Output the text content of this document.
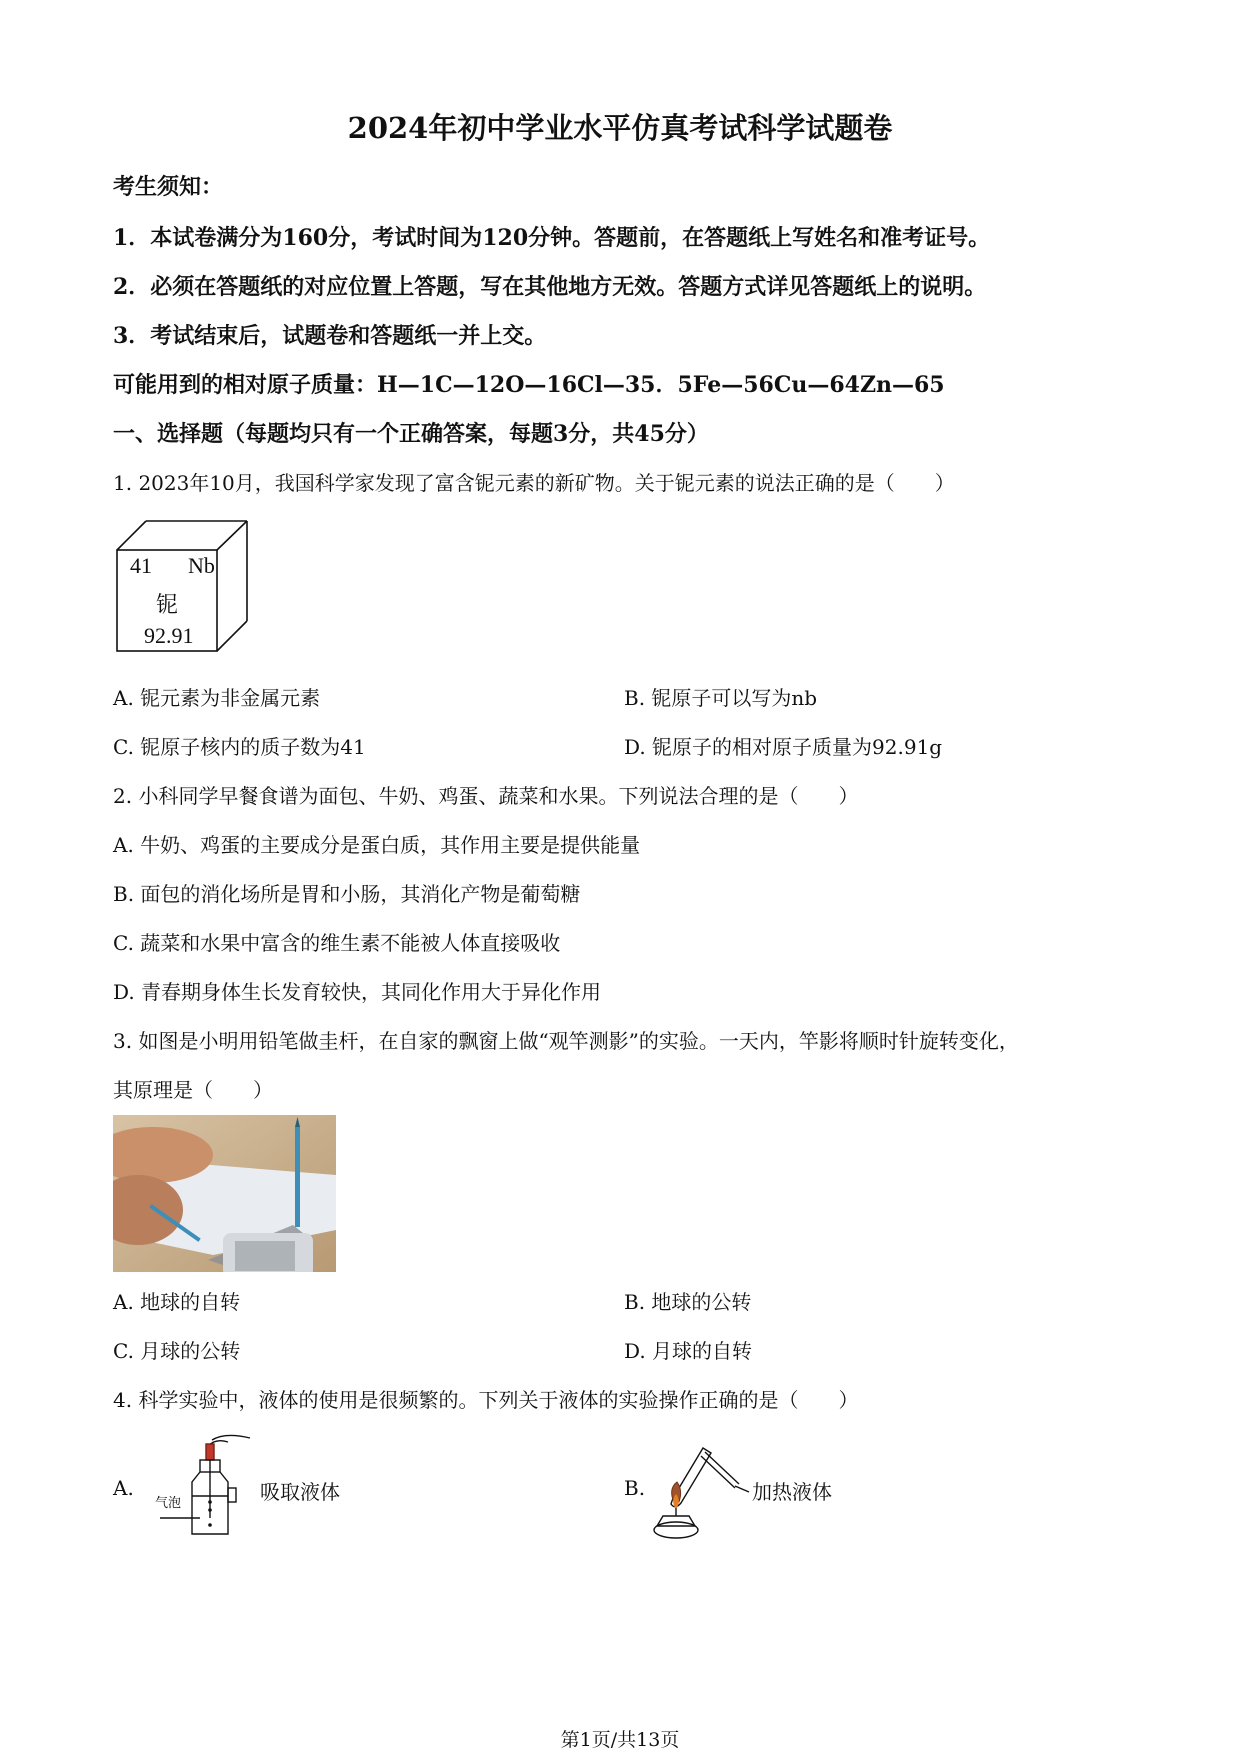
2024年初中学业水平仿真考试科学试题卷
考生须知：
1．本试卷满分为160分，考试时间为120分钟。答题前，在答题纸上写姓名和准考证号。
2．必须在答题纸的对应位置上答题，写在其他地方无效。答题方式详见答题纸上的说明。
3．考试结束后，试题卷和答题纸一并上交。
可能用到的相对原子质量：H—1C—12O—16Cl—35．5Fe—56Cu—64Zn—65
一、选择题（每题均只有一个正确答案，每题3分，共45分）
1. 2023年10月，我国科学家发现了富含铌元素的新矿物。关于铌元素的说法正确的是（　　）
41 Nb
铌
92.91
A. 铌元素为非金属元素	B. 铌原子可以写为nb
C. 铌原子核内的质子数为41	D. 铌原子的相对原子质量为92.91g
2. 小科同学早餐食谱为面包、牛奶、鸡蛋、蔬菜和水果。下列说法合理的是（　　）
A. 牛奶、鸡蛋的主要成分是蛋白质，其作用主要是提供能量
B. 面包的消化场所是胃和小肠，其消化产物是葡萄糖
C. 蔬菜和水果中富含的维生素不能被人体直接吸收
D. 青春期身体生长发育较快，其同化作用大于异化作用
3. 如图是小明用铅笔做圭杆，在自家的飘窗上做“观竿测影”的实验。一天内，竿影将顺时针旋转变化，
其原理是（　　）
A. 地球的自转	B. 地球的公转
C. 月球的公转	D. 月球的自转
4. 科学实验中，液体的使用是很频繁的。下列关于液体的实验操作正确的是（　　）
A.
气泡	吸取液体	B.	加热液体
第1页/共13页
